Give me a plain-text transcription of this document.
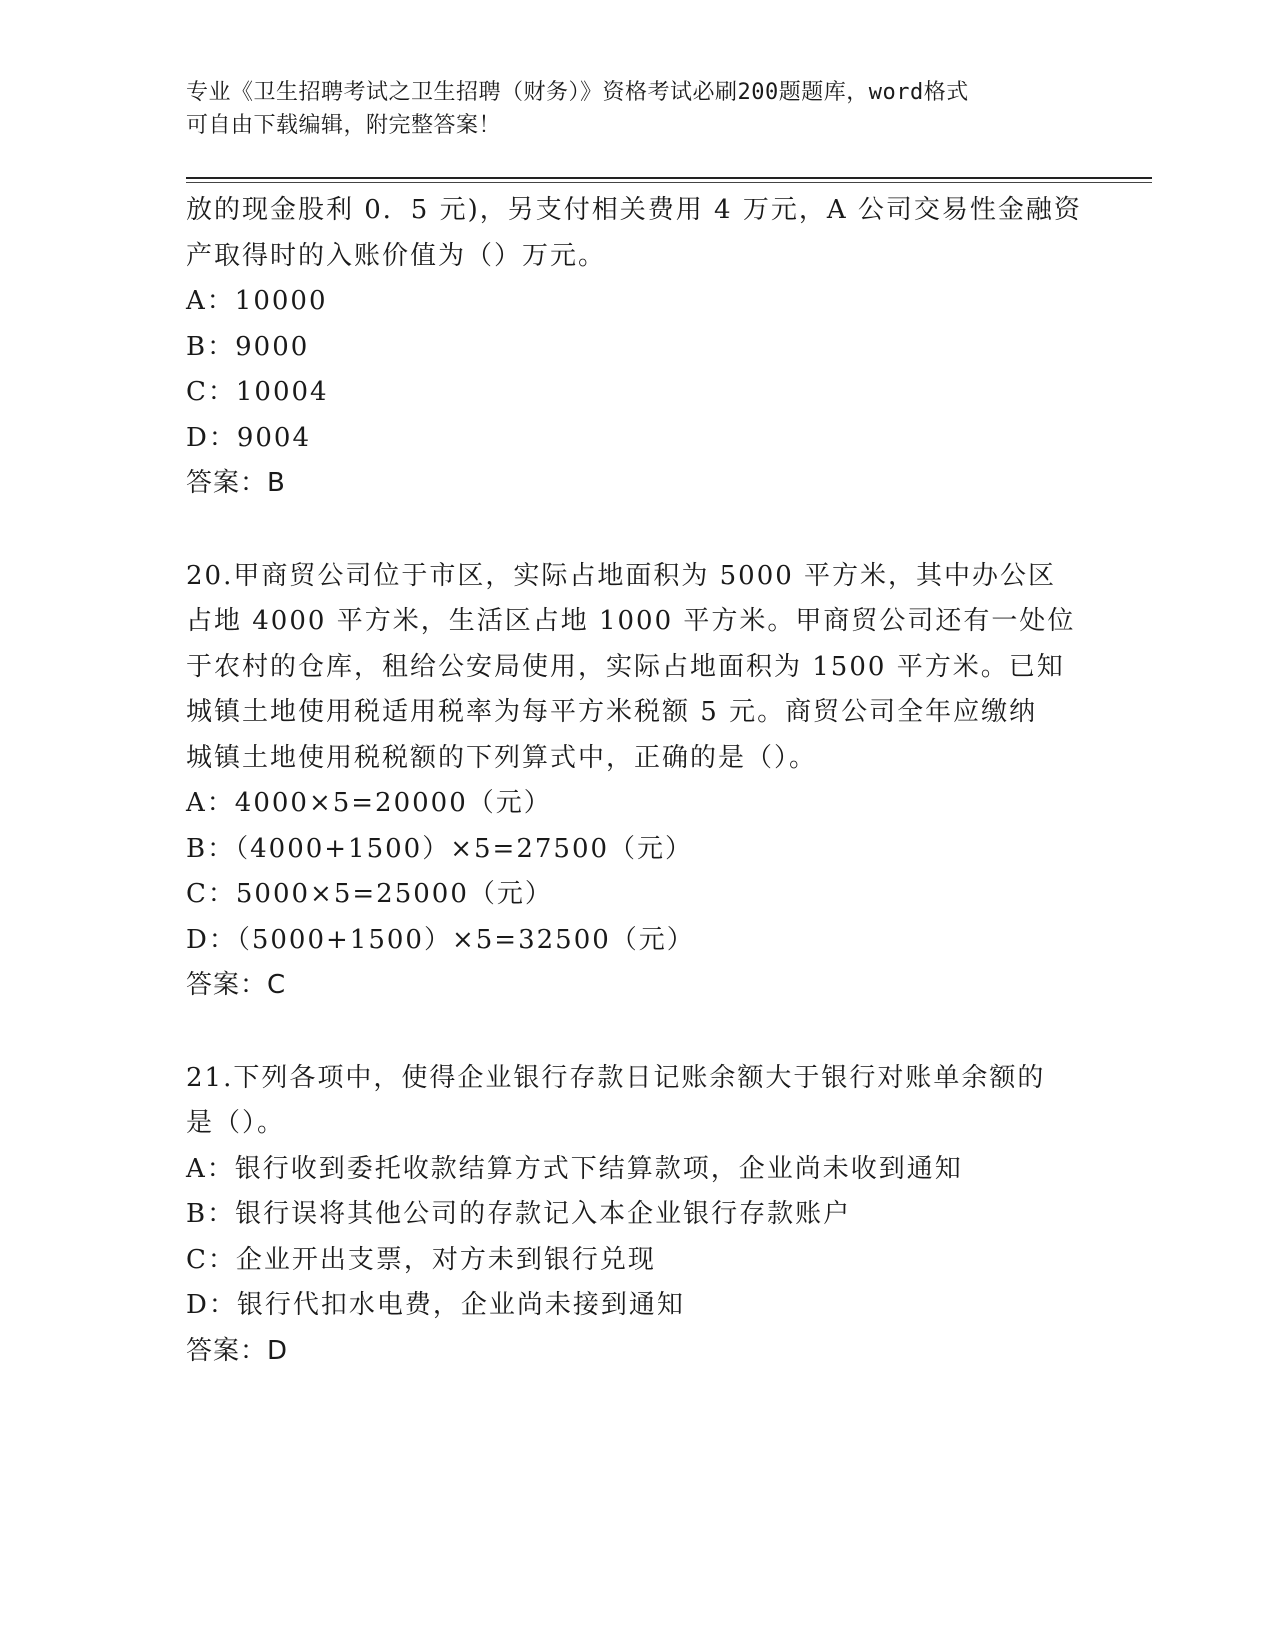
专业《卫生招聘考试之卫生招聘（财务）》资格考试必刷200题题库，word格式
可自由下载编辑，附完整答案！
放的现金股利 0．5 元)，另支付相关费用 4 万元，A 公司交易性金融资
产取得时的入账价值为（）万元。
A：10000
B：9000
C：10004
D：9004
答案：B
20.甲商贸公司位于市区，实际占地面积为 5000 平方米，其中办公区
占地 4000 平方米，生活区占地 1000 平方米。甲商贸公司还有一处位
于农村的仓库，租给公安局使用，实际占地面积为 1500 平方米。已知
城镇土地使用税适用税率为每平方米税额 5 元。商贸公司全年应缴纳
城镇土地使用税税额的下列算式中，正确的是（）。
A：4000×5=20000（元）
B：（4000+1500）×5=27500（元）
C：5000×5=25000（元）
D：（5000+1500）×5=32500（元）
答案：C
21.下列各项中，使得企业银行存款日记账余额大于银行对账单余额的
是（）。
A：银行收到委托收款结算方式下结算款项，企业尚未收到通知
B：银行误将其他公司的存款记入本企业银行存款账户
C：企业开出支票，对方未到银行兑现
D：银行代扣水电费，企业尚未接到通知
答案：D
